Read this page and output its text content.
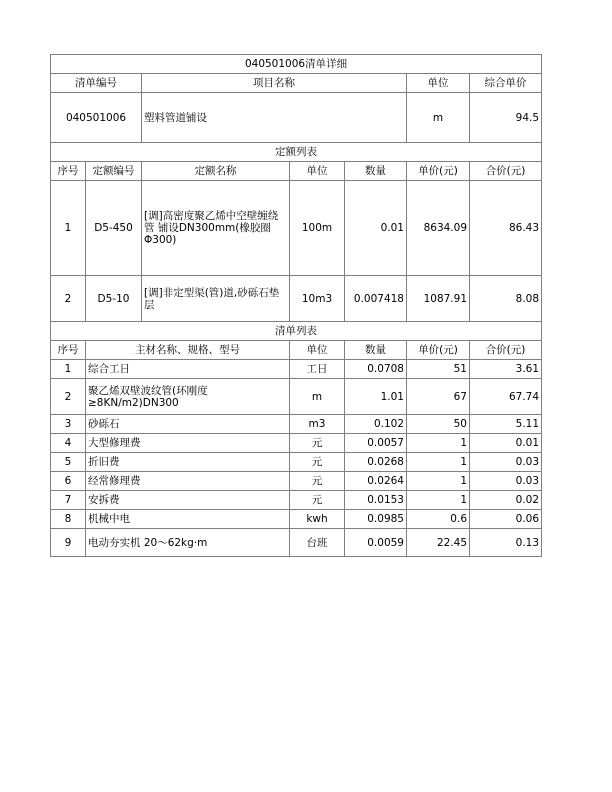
040501006清单详细						
清单编号		项目名称			单位	综合单价
040501006		塑料管道铺设			m	94.5
定额列表						
序号	定额编号	定额名称	单位	数量	单价(元)	合价(元)
1	D5-450	[调]高密度聚乙烯中空壁缠绕管 铺设DN300mm(橡胶圈 Φ300)	100m	0.01	8634.09	86.43
2	D5-10	[调]非定型渠(管)道,砂砾石垫层	10m3	0.007418	1087.91	8.08
清单列表						
序号	主材名称、规格、型号		单位	数量	单价(元)	合价(元)
1	综合工日		工日	0.0708	51	3.61
2	聚乙烯双壁波纹管(环刚度≥8KN/m2)DN300		m	1.01	67	67.74
3	砂砾石		m3	0.102	50	5.11
4	大型修理费		元	0.0057	1	0.01
5	折旧费		元	0.0268	1	0.03
6	经常修理费		元	0.0264	1	0.03
7	安拆费		元	0.0153	1	0.02
8	机械中电		kwh	0.0985	0.6	0.06
9	电动夯实机 20～62kg·m		台班	0.0059	22.45	0.13
